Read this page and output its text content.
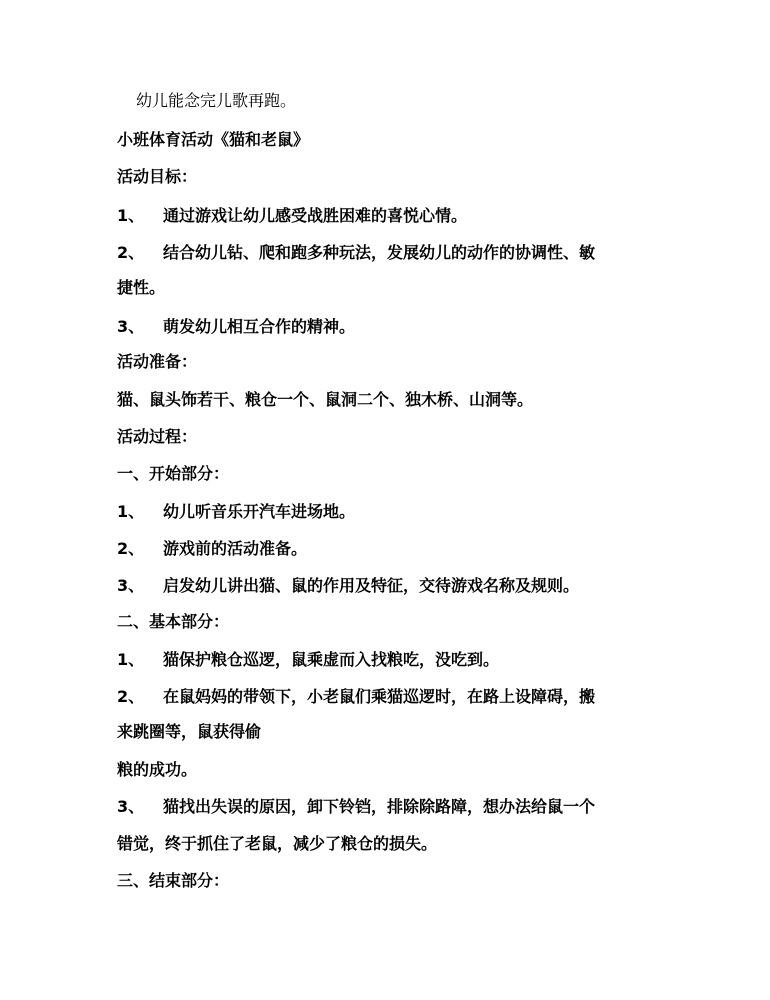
幼儿能念完儿歌再跑。
小班体育活动《猫和老鼠》
活动目标：
1、 通过游戏让幼儿感受战胜困难的喜悦心情。
2、 结合幼儿钻、爬和跑多种玩法，发展幼儿的动作的协调性、敏
捷性。
3、 萌发幼儿相互合作的精神。
活动准备：
猫、鼠头饰若干、粮仓一个、鼠洞二个、独木桥、山洞等。
活动过程：
一、开始部分：
1、 幼儿听音乐开汽车进场地。
2、 游戏前的活动准备。
3、 启发幼儿讲出猫、鼠的作用及特征，交待游戏名称及规则。
二、基本部分：
1、 猫保护粮仓巡逻，鼠乘虚而入找粮吃，没吃到。
2、 在鼠妈妈的带领下，小老鼠们乘猫巡逻时，在路上设障碍，搬
来跳圈等，鼠获得偷
粮的成功。
3、 猫找出失误的原因，卸下铃铛，排除除路障，想办法给鼠一个
错觉，终于抓住了老鼠，减少了粮仓的损失。
三、结束部分：
